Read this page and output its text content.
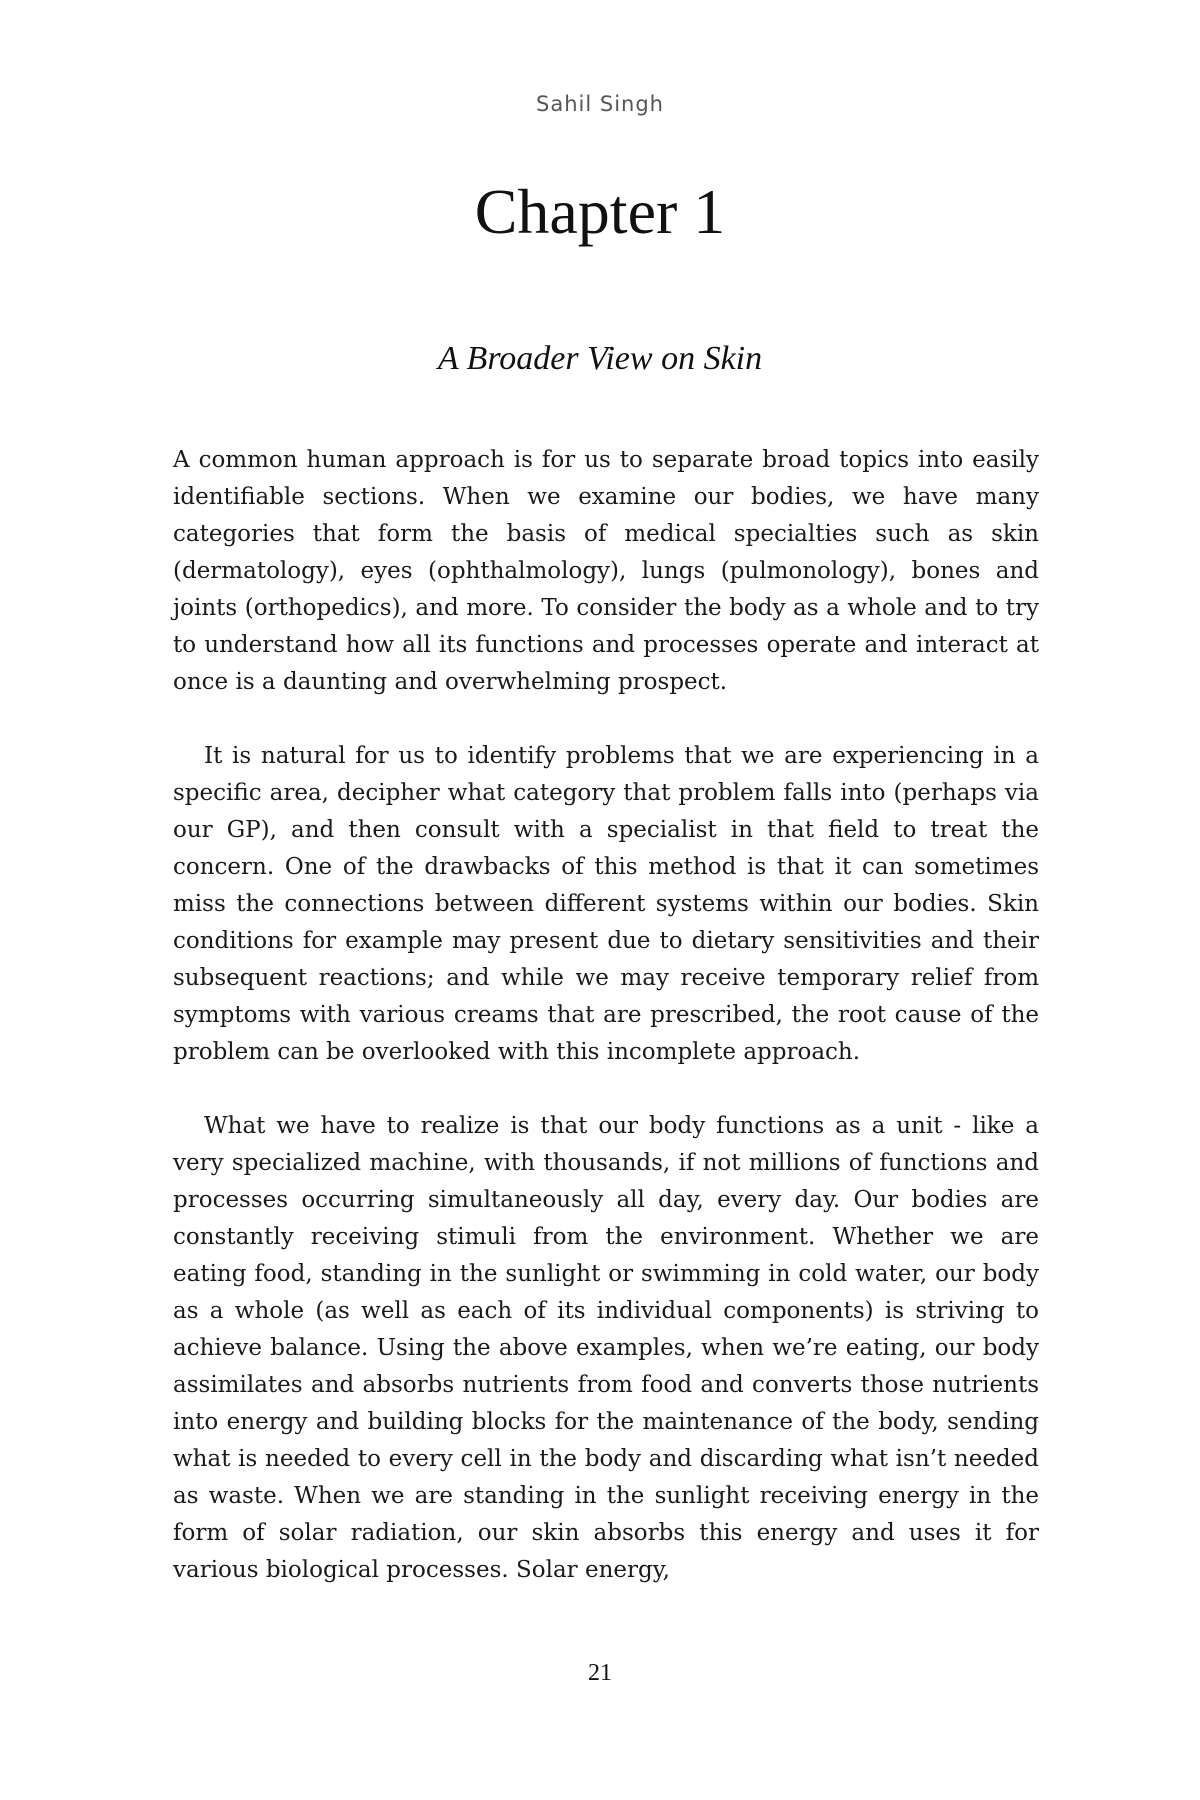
Sahil Singh
Chapter 1
A Broader View on Skin

A common human approach is for us to separate broad topics into easily identifiable sections. When we examine our bodies, we have many categories that form the basis of medical specialties such as skin (dermatology), eyes (ophthalmology), lungs (pulmonology), bones and joints (orthopedics), and more. To consider the body as a whole and to try to understand how all its functions and processes operate and interact at once is a daunting and overwhelming prospect.

It is natural for us to identify problems that we are experiencing in a specific area, decipher what category that problem falls into (perhaps via our GP), and then consult with a specialist in that field to treat the concern. One of the drawbacks of this method is that it can sometimes miss the connections between different systems within our bodies. Skin conditions for example may present due to dietary sensitivities and their subsequent reactions; and while we may receive temporary relief from symptoms with various creams that are prescribed, the root cause of the problem can be overlooked with this incomplete approach.

What we have to realize is that our body functions as a unit - like a very specialized machine, with thousands, if not millions of functions and processes occurring simultaneously all day, every day. Our bodies are constantly receiving stimuli from the environment. Whether we are eating food, standing in the sunlight or swimming in cold water, our body as a whole (as well as each of its individual components) is striving to achieve balance. Using the above examples, when we’re eating, our body assimilates and absorbs nutrients from food and converts those nutrients into energy and building blocks for the maintenance of the body, sending what is needed to every cell in the body and discarding what isn’t needed as waste. When we are standing in the sunlight receiving energy in the form of solar radiation, our skin absorbs this energy and uses it for various biological processes. Solar energy,

21
